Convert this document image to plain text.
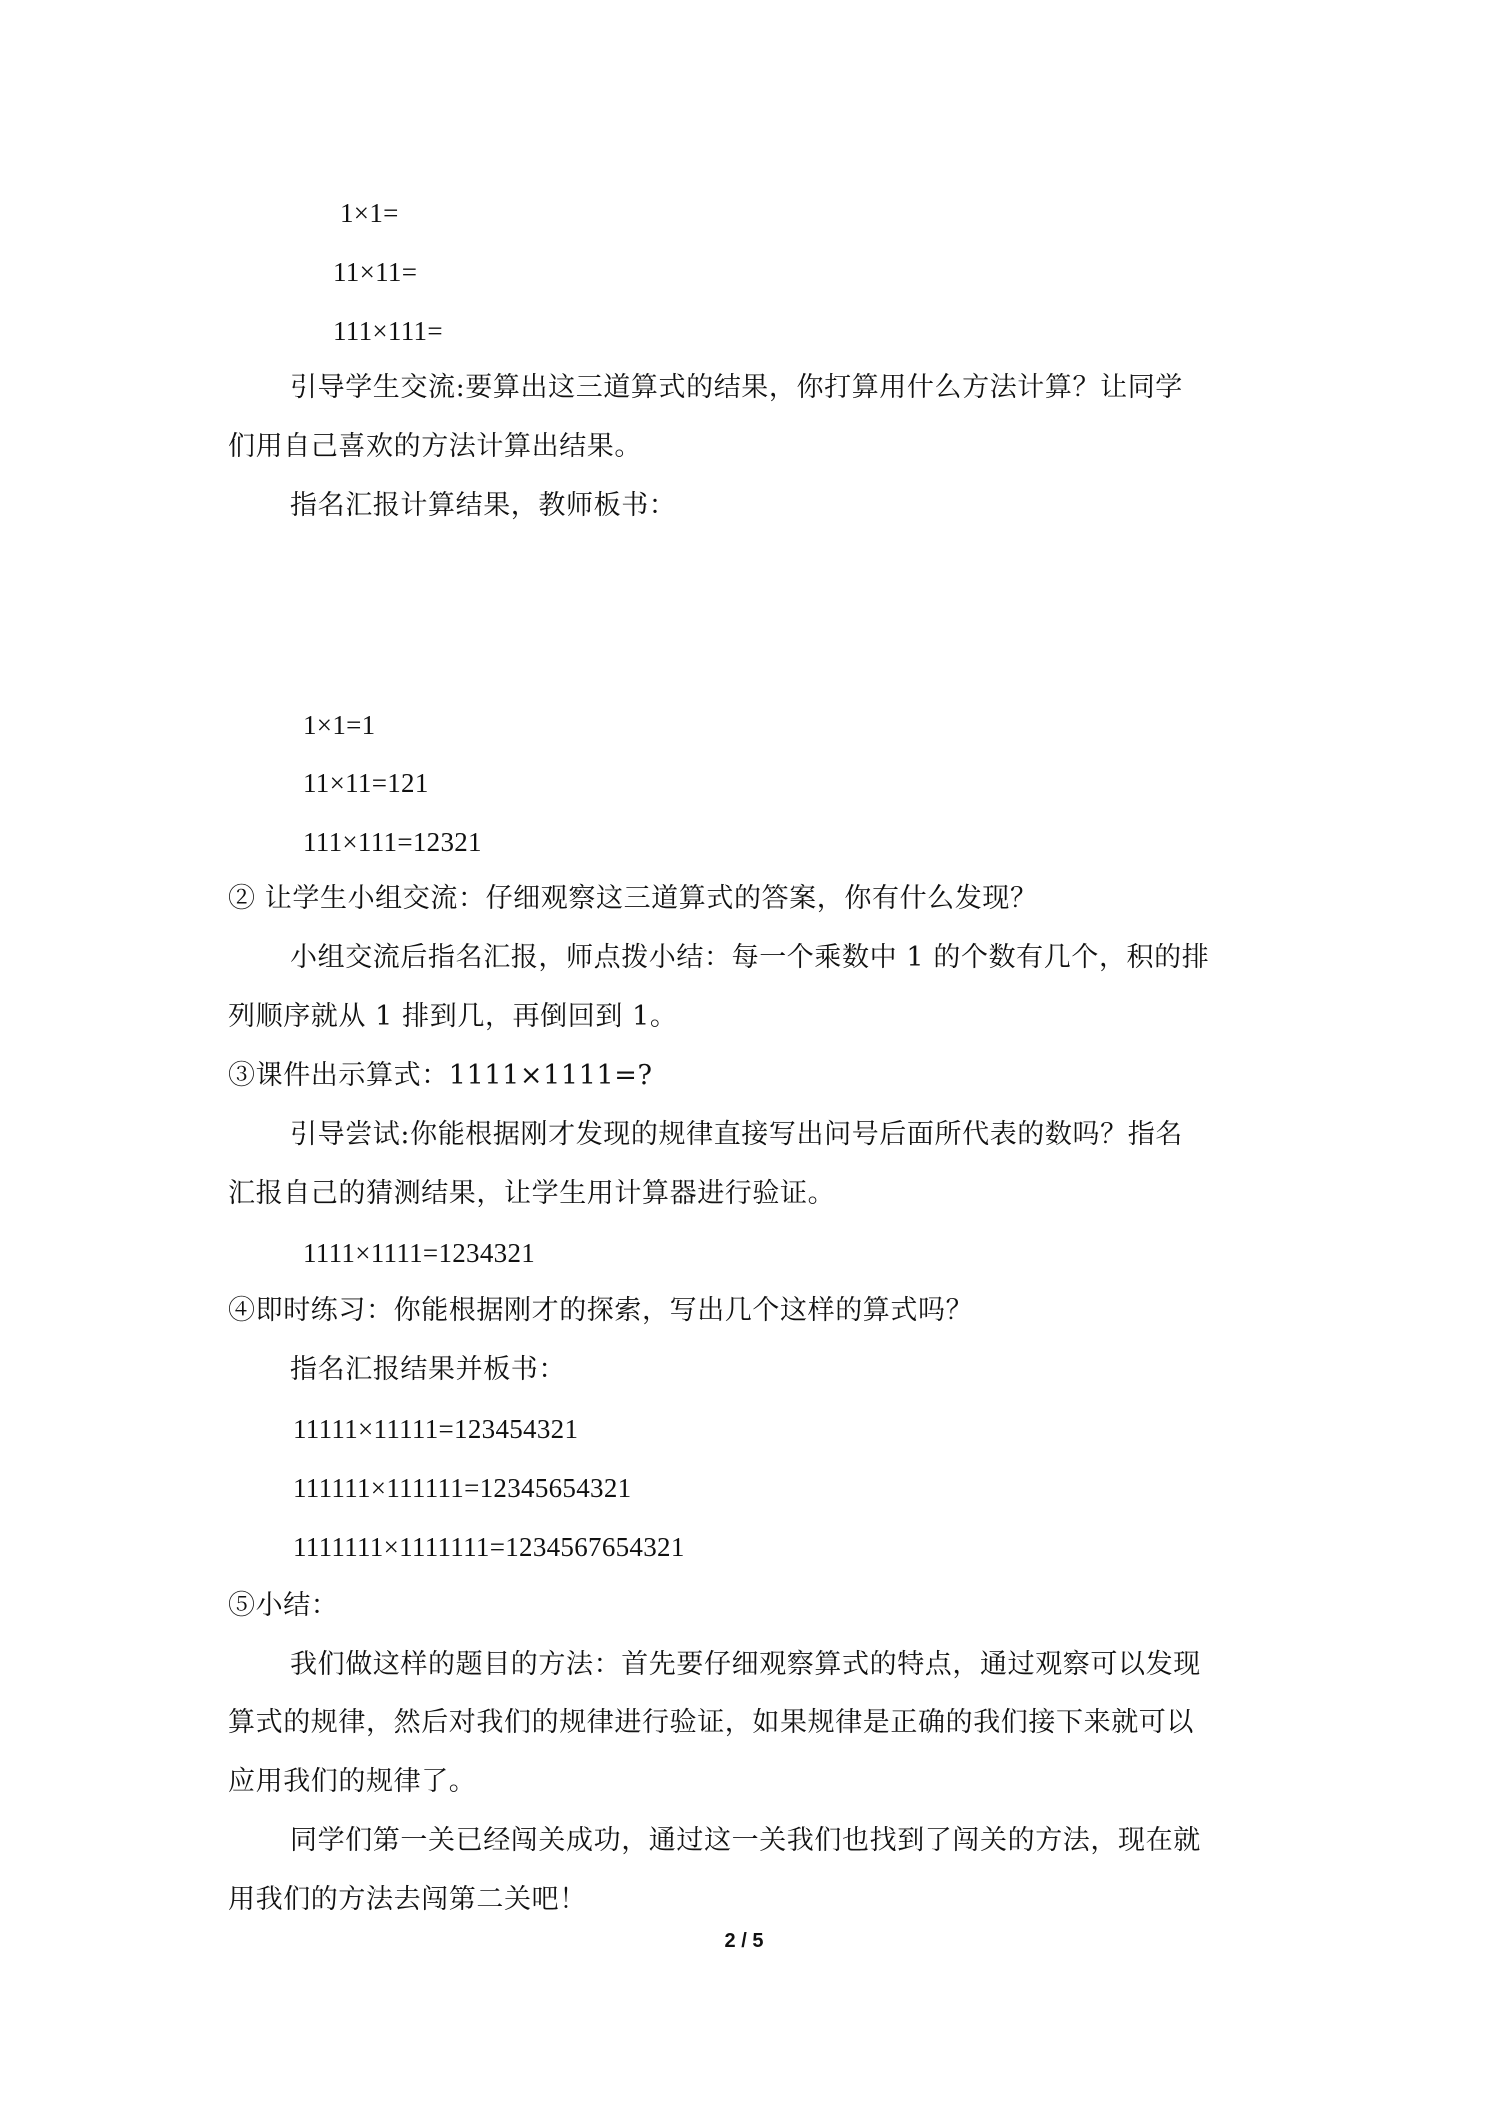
1×1=
11×11=
111×111=
引导学生交流:要算出这三道算式的结果，你打算用什么方法计算？让同学
们用自己喜欢的方法计算出结果。
指名汇报计算结果，教师板书：
1×1=1
11×11=121
111×111=12321
② 让学生小组交流：仔细观察这三道算式的答案，你有什么发现？
小组交流后指名汇报，师点拨小结：每一个乘数中 1 的个数有几个，积的排
列顺序就从 1 排到几，再倒回到 1。
③课件出示算式：1111×1111=?
引导尝试:你能根据刚才发现的规律直接写出问号后面所代表的数吗？指名
汇报自己的猜测结果，让学生用计算器进行验证。
1111×1111=1234321
④即时练习：你能根据刚才的探索，写出几个这样的算式吗？
指名汇报结果并板书：
11111×11111=123454321
111111×111111=12345654321
1111111×1111111=1234567654321
⑤小结：
我们做这样的题目的方法：首先要仔细观察算式的特点，通过观察可以发现
算式的规律，然后对我们的规律进行验证，如果规律是正确的我们接下来就可以
应用我们的规律了。
同学们第一关已经闯关成功，通过这一关我们也找到了闯关的方法，现在就
用我们的方法去闯第二关吧！
2 / 5
